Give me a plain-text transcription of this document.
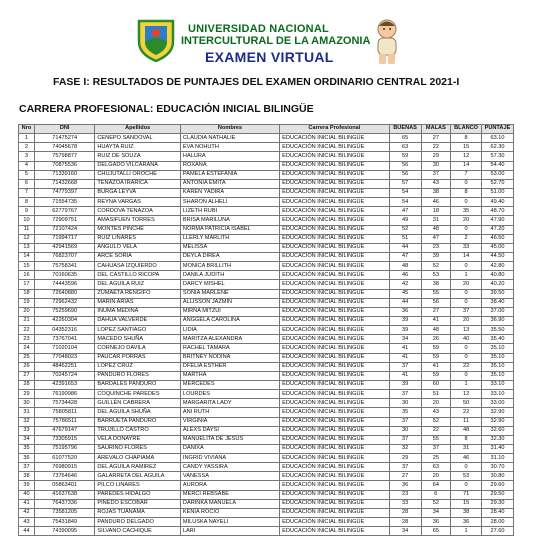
UNIVERSIDAD NACIONAL
INTERCULTURAL DE LA AMAZONIA
EXAMEN VIRTUAL
FASE I: RESULTADOS DE PUNTAJES DEL EXAMEN ORDINARIO CENTRAL 2021-I
CARRERA PROFESIONAL: EDUCACIÓN INICIAL BILINGÜE
Nro	DNI	Apellidos	Nombres	Carrera Profesional	BUENAS	MALAS	BLANCO	PUNTAJE
1	71475274	CENEPO SANDOVAL	CLAUDIA NATHALIE	EDUCACIÓN INICIAL BILINGÜE	65	27	8	63.10
2	74045678	HUAYTA RUIZ	EVA NOHUTH	EDUCACIÓN INICIAL BILINGÜE	63	22	15	62.30
3	75798877	RUIZ DE SOUZA	HALURA	EDUCACIÓN INICIAL BILINGÜE	59	29	12	57.30
4	70875536	DELGADO VILCARANA	ROXANA	EDUCACIÓN INICIAL BILINGÜE	56	30	14	54.40
5	71339160	CHUJUTALLI OROCHE	PAMELA ESTEFANIA	EDUCACIÓN INICIAL BILINGÜE	56	37	7	53.00
6	71432668	TENAZOA IRARICA	ANTONIA EMITA	EDUCACIÓN INICIAL BILINGÜE	57	43	0	52.70
7	74779397	BURGA LEYVA	KAREN YADIRA	EDUCACIÓN INICIAL BILINGÜE	54	38	8	51.00
8	71554735	REYNA VARGAS	SHARON ALHELI	EDUCACIÓN INICIAL BILINGÜE	54	46	0	49.40
9	62779767	CORDOVA TENAZOA	LIZETH RUBI	EDUCACIÓN INICIAL BILINGÜE	47	18	35	48.70
10	72909751	AMASIFUEN TORRES	BRISA MARILUNA	EDUCACIÓN INICIAL BILINGÜE	49	31	20	47.90
11	72107424	MONTES PINCHE	NORMA PATRICIA ISABEL	EDUCACIÓN INICIAL BILINGÜE	52	48	0	47.20
12	71994717	RUIZ LINARES	LLERLY MARLITH	EDUCACIÓN INICIAL BILINGÜE	51	47	2	46.50
13	42941569	ANGULO VELA	MELISSA	EDUCACIÓN INICIAL BILINGÜE	44	23	33	45.00
14	76823707	ARCE SORIA	DEYLA DIREA	EDUCACIÓN INICIAL BILINGÜE	47	39	14	44.50
15	75758341	CAHUASA IZQUIERDO	MONICA BRILLITH	EDUCACIÓN INICIAL BILINGÜE	48	52	0	42.80
16	70160635	DEL CASTILLO RICOPA	DANILA JUDITH	EDUCACIÓN INICIAL BILINGÜE	46	53	1	40.80
17	74443596	DEL AGUILA RUIZ	DARCY MISHEL	EDUCACIÓN INICIAL BILINGÜE	42	38	20	40.20
18	72640880	ZUMAETA RENGIFO	SONIA MARLENE	EDUCACIÓN INICIAL BILINGÜE	45	55	0	39.50
19	72962432	MARIN ARIAS	ALLISSON JAZMIN	EDUCACIÓN INICIAL BILINGÜE	44	56	0	38.40
20	75259690	INUMA MEDINA	MIRNA MITZUI	EDUCACIÓN INICIAL BILINGÜE	36	27	37	37.00
21	42260304	DAHUA VALVERDE	ANGGELA CAROLINA	EDUCACIÓN INICIAL BILINGÜE	39	41	20	36.90
22	04352316	LOPEZ SANTIAGO	LIDIA	EDUCACIÓN INICIAL BILINGÜE	39	48	13	35.50
23	73767041	MACEDO SHUÑA	MARITZA ALEXANDRA	EDUCACIÓN INICIAL BILINGÜE	34	26	40	35.40
24	71020104	CORNEJO DAVILA	RACHEL TAMARA	EDUCACIÓN INICIAL BILINGÜE	41	59	0	35.10
25	77048023	PAUCAR PORRAS	BRITNEY NODINA	EDUCACIÓN INICIAL BILINGÜE	41	59	0	35.10
26	48462251	LOPEZ CRUZ	DFELIA ESTHER	EDUCACIÓN INICIAL BILINGÜE	37	41	22	35.10
27	70245724	PANDURO FLORES	MARTHA	EDUCACIÓN INICIAL BILINGÜE	41	59	0	35.10
28	42391653	BARDALES PANDURO	MERCEDES	EDUCACIÓN INICIAL BILINGÜE	39	60	1	33.10
29	76190986	COQUINCHE PAREDES	LOURDES	EDUCACIÓN INICIAL BILINGÜE	37	51	12	33.10
30	75734428	GUILLÉN CABRERA	MARGARITA LADY	EDUCACIÓN INICIAL BILINGÜE	30	20	50	33.00
31	75805811	DEL AGUILA SHUÑA	ANI RUTH	EDUCACIÓN INICIAL BILINGÜE	35	43	22	32.90
32	75786511	BARRUETA PANDURO	VIRGINIA	EDUCACIÓN INICIAL BILINGÜE	37	52	11	32.90
33	47679147	TRUJILLO CASTRO	ALEXS DAYSI	EDUCACIÓN INICIAL BILINGÜE	30	22	48	32.60
34	73305915	VELA DONAYRE	MANUELITA DE JESÚS	EDUCACIÓN INICIAL BILINGÜE	37	55	8	32.30
35	75195796	SAURINO FLORES	DANIXA	EDUCACIÓN INICIAL BILINGÜE	32	37	31	31.40
36	61077520	AREVALO CHAPIAMA	INGRID VIVIANA	EDUCACIÓN INICIAL BILINGÜE	29	25	46	31.10
37	76980915	DEL AGUILA RAMIREZ	CANDY YASSIRA	EDUCACIÓN INICIAL BILINGÜE	37	63	0	30.70
38	73764646	GALARRETA DEL AGUILA	VANESSA	EDUCACIÓN INICIAL BILINGÜE	27	20	53	30.80
39	05863401	PILCO LINARES	AURORA	EDUCACIÓN INICIAL BILINGÜE	36	64	0	29.60
40	41637638	PAREDES HIDALGO	MERCI REBSABE	EDUCACIÓN INICIAL BILINGÜE	23	6	71	29.50
41	76437336	PINEDO ESCOBAR	DARINKA MANUELA	EDUCACIÓN INICIAL BILINGÜE	33	52	15	29.30
42	73581205	ROJAS TUANAMA	KENIA ROCIO	EDUCACIÓN INICIAL BILINGÜE	28	34	38	28.40
43	75431849	PANDURO DELGADO	MILUSKA NAYELI	EDUCACIÓN INICIAL BILINGÜE	28	36	36	28.00
44	74390095	SILVANO CACHIQUE	LARI	EDUCACIÓN INICIAL BILINGÜE	34	65	1	27.60
